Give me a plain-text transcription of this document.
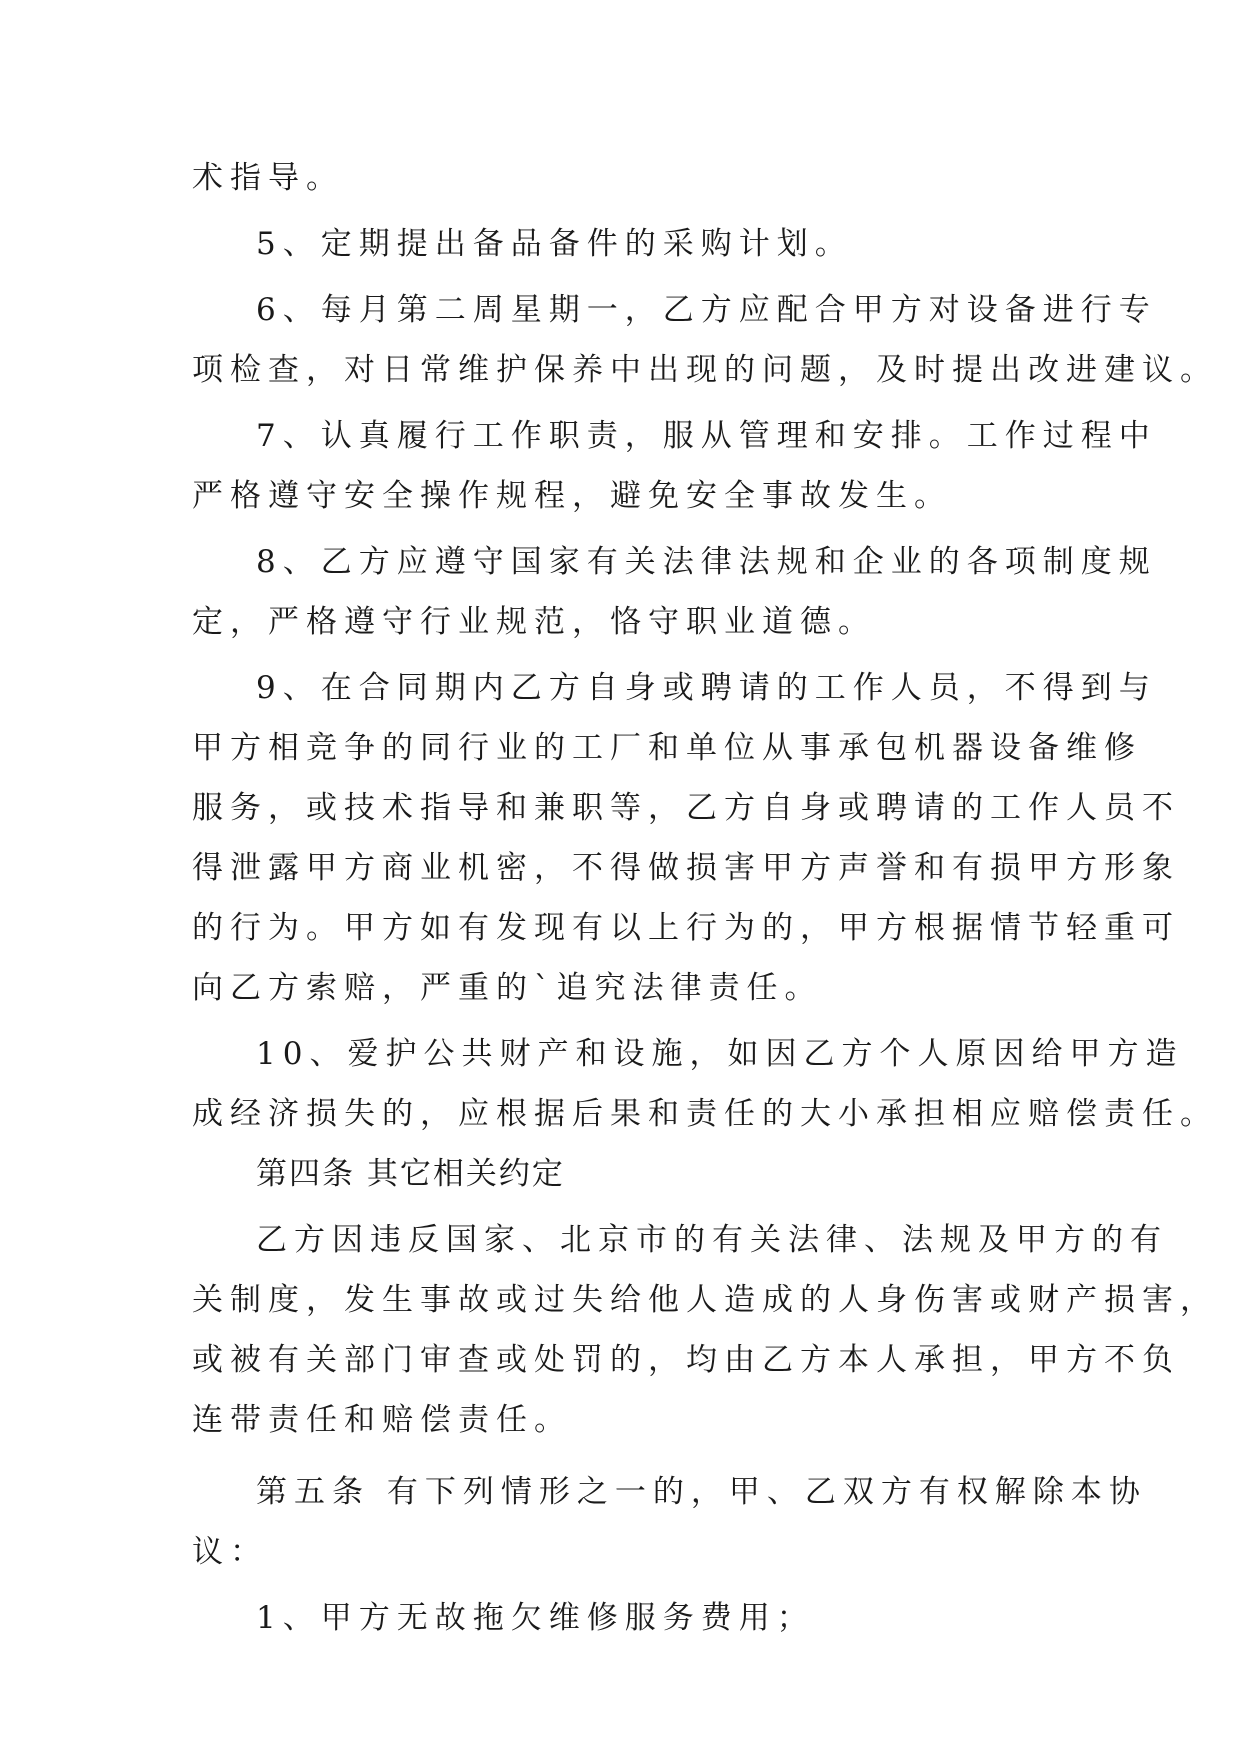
术指导。
5、定期提出备品备件的采购计划。
6、每月第二周星期一，乙方应配合甲方对设备进行专
项检查，对日常维护保养中出现的问题，及时提出改进建议。
7、认真履行工作职责，服从管理和安排。工作过程中
严格遵守安全操作规程，避免安全事故发生。
8、乙方应遵守国家有关法律法规和企业的各项制度规
定，严格遵守行业规范，恪守职业道德。
9、在合同期内乙方自身或聘请的工作人员，不得到与
甲方相竞争的同行业的工厂和单位从事承包机器设备维修
服务，或技术指导和兼职等，乙方自身或聘请的工作人员不
得泄露甲方商业机密，不得做损害甲方声誉和有损甲方形象
的行为。甲方如有发现有以上行为的，甲方根据情节轻重可
向乙方索赔，严重的`追究法律责任。
10、爱护公共财产和设施，如因乙方个人原因给甲方造
成经济损失的，应根据后果和责任的大小承担相应赔偿责任。
第四条 其它相关约定
乙方因违反国家、北京市的有关法律、法规及甲方的有
关制度，发生事故或过失给他人造成的人身伤害或财产损害，
或被有关部门审查或处罚的，均由乙方本人承担，甲方不负
连带责任和赔偿责任。
第五条 有下列情形之一的，甲、乙双方有权解除本协
议：
1、甲方无故拖欠维修服务费用；
